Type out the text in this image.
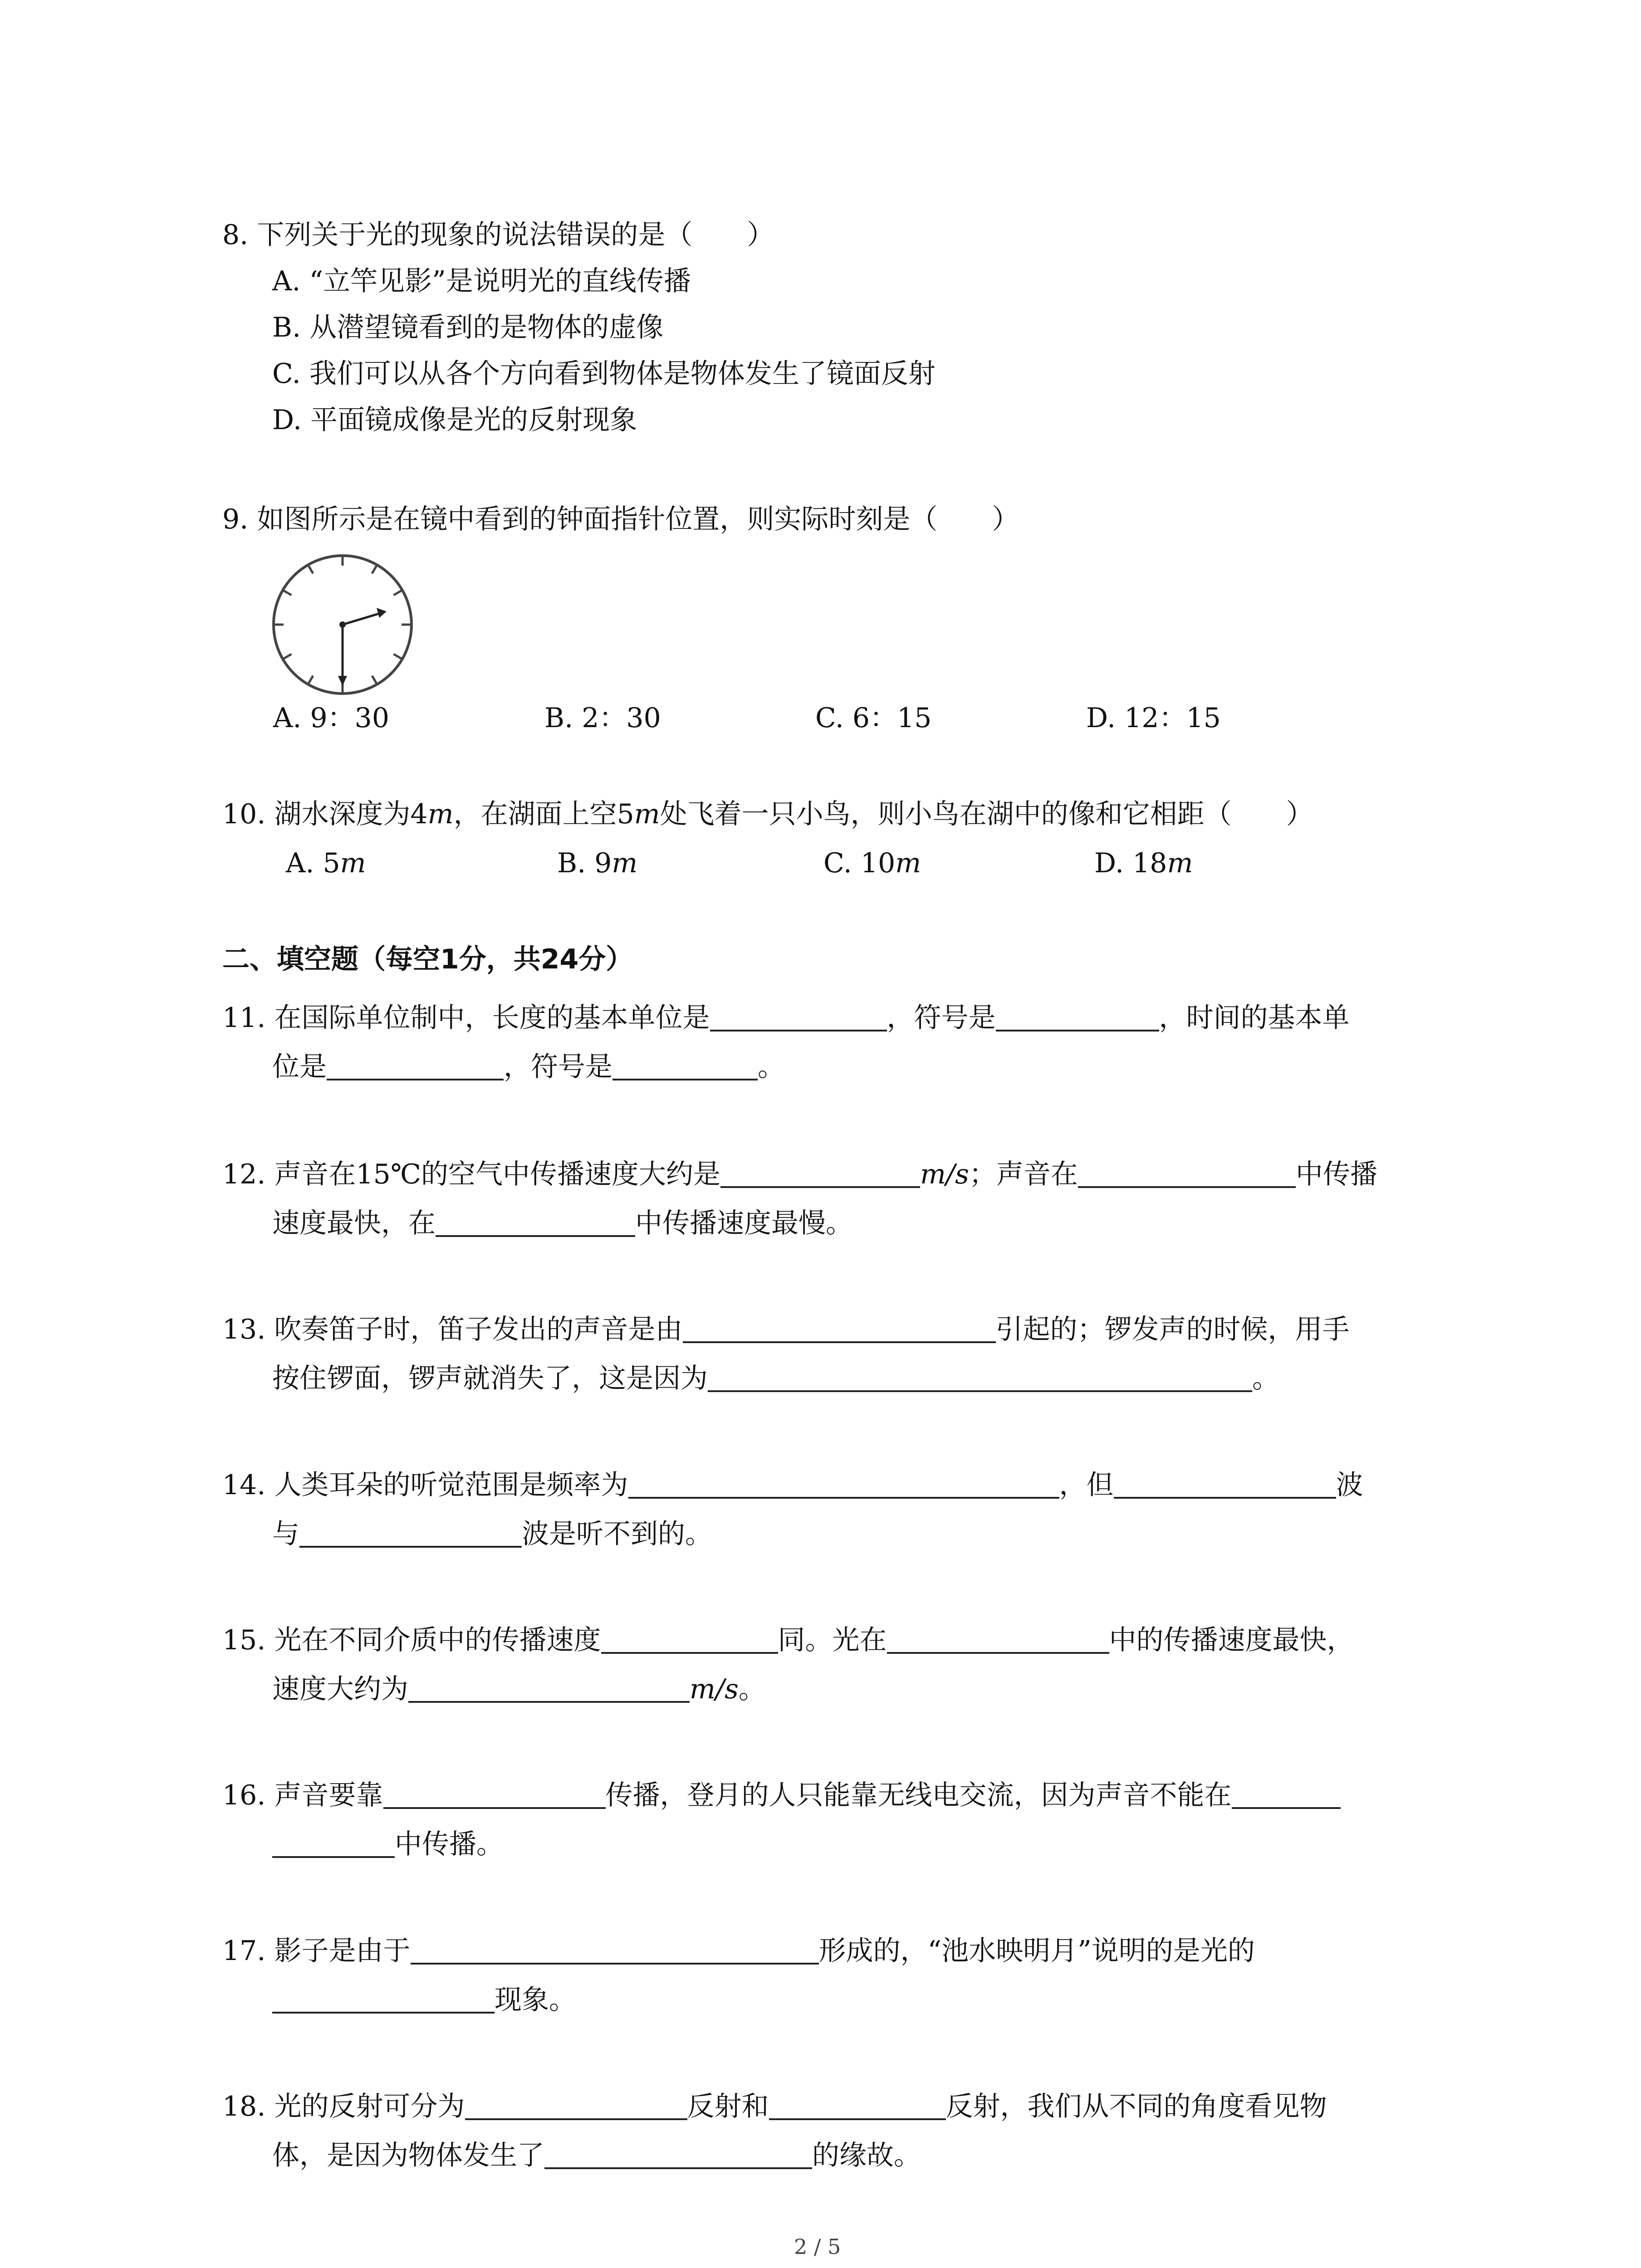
8. 下列关于光的现象的说法错误的是（　　）
A. “立竿见影”是说明光的直线传播
B. 从潜望镜看到的是物体的虚像
C. 我们可以从各个方向看到物体是物体发生了镜面反射
D. 平面镜成像是光的反射现象
9. 如图所示是在镜中看到的钟面指针位置，则实际时刻是（　　）
A. 9：30	B. 2：30	C. 6：15	D. 12：15
10. 湖水深度为4m，在湖面上空5m处飞着一只小鸟，则小鸟在湖中的像和它相距（　　）
A. 5m	B. 9m	C. 10m	D. 18m
二、填空题（每空1分，共24分）
11. 在国际单位制中，长度的基本单位是	，符号是	，时间的基本单
位是	，符号是	。
12. 声音在15℃的空气中传播速度大约是	m/s；声音在	中传播
速度最快，在	中传播速度最慢。
13. 吹奏笛子时，笛子发出的声音是由	引起的；锣发声的时候，用手
按住锣面，锣声就消失了，这是因为	。
14. 人类耳朵的听觉范围是频率为	，但	波
与	波是听不到的。
15. 光在不同介质中的传播速度	同。光在	中的传播速度最快，
速度大约为	m/s。
16. 声音要靠	传播，登月的人只能靠无线电交流，因为声音不能在
中传播。
17. 影子是由于	形成的，“池水映明月”说明的是光的
现象。
18. 光的反射可分为	反射和	反射，我们从不同的角度看见物
体，是因为物体发生了	的缘故。
2 / 5
